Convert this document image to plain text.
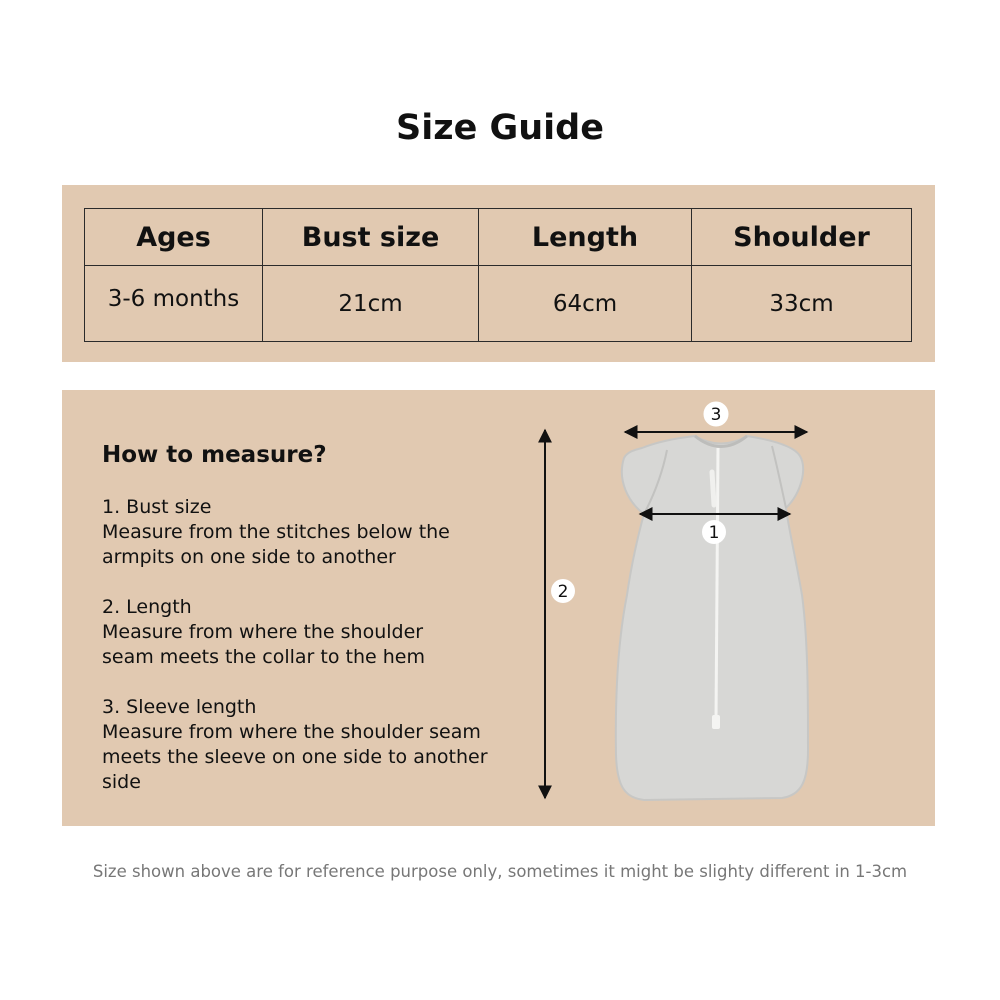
Size Guide
Ages	Bust size	Length	Shoulder
3-6 months	21cm	64cm	33cm
How to measure?
1. Bust size
Measure from the stitches below the
armpits on one side to another
2. Length
Measure from where the shoulder
seam meets the collar to the hem
3. Sleeve length
Measure from where the shoulder seam
meets the sleeve on one side to another
side
3
1
2
Size shown above are for reference purpose only, sometimes it might be slighty different in 1-3cm
